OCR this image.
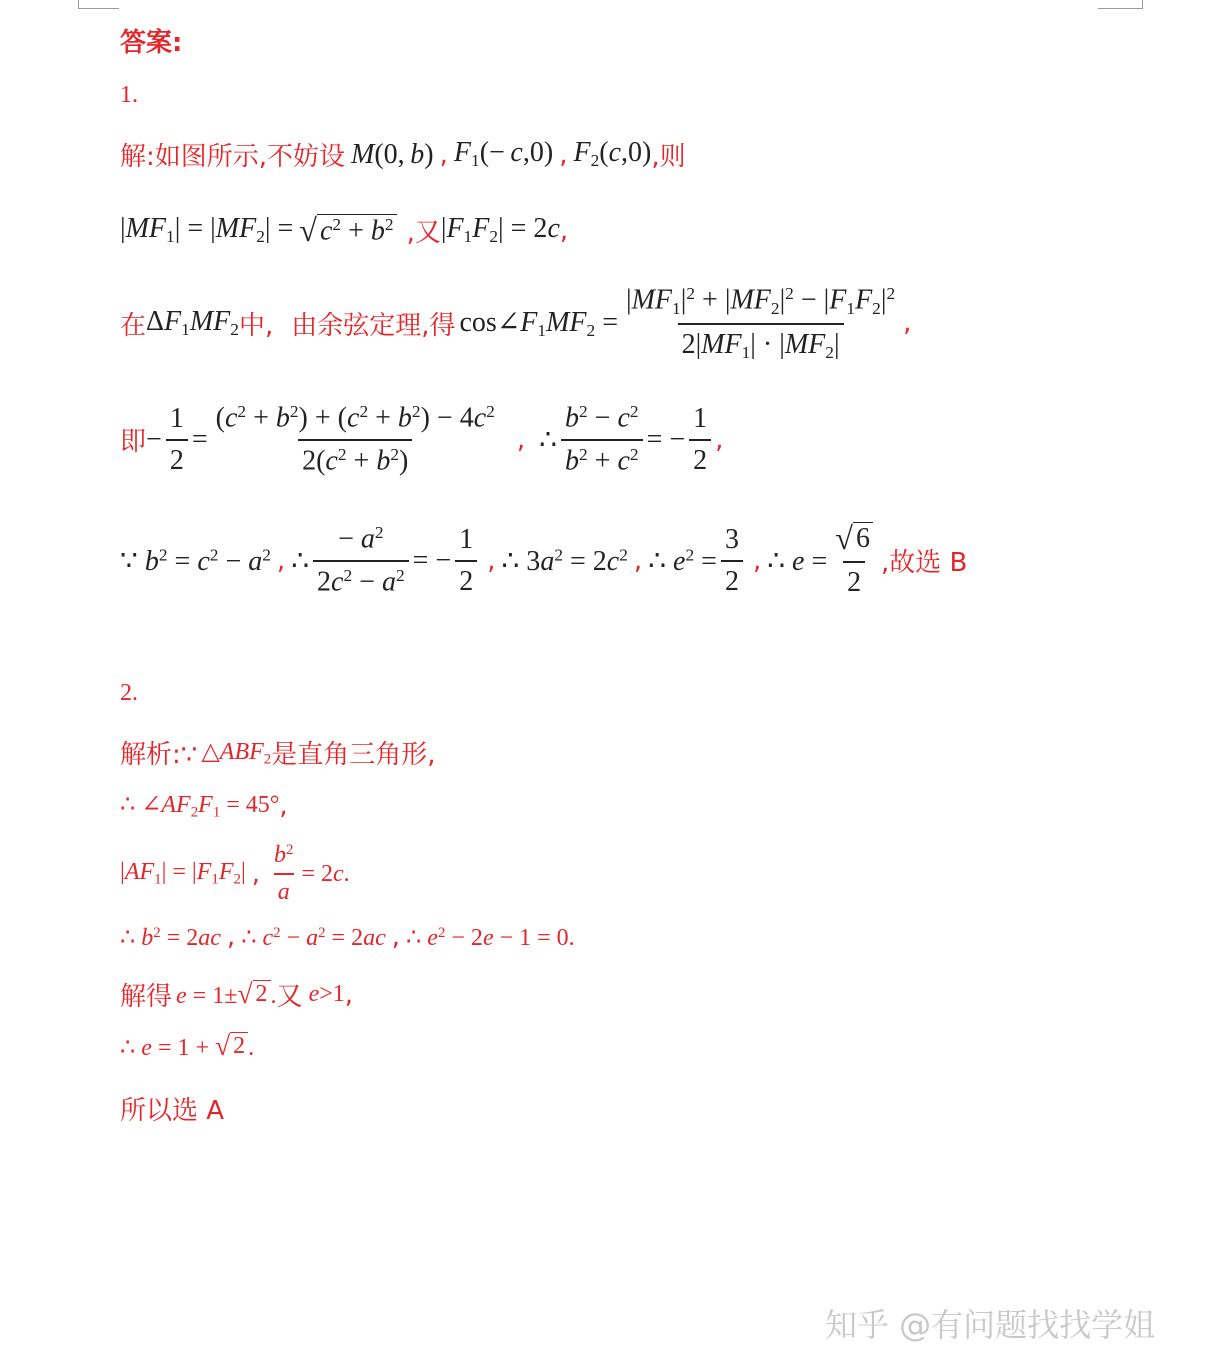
答案:
1.
解:如图所示,不妨设 M(0, b) , $F_1(- c,0)$ , $F_2(c,0)$ ,则
$|MF_1| = |MF_2|$ = √ $c^2 + b^2$ ,又 $|F_1F_2| = 2c$ ,
在 $\Delta F_1MF_2$ 中, 由余弦定理,得 $\cos\angle F_1MF_2 = \frac{|MF_1|^2 + |MF_2|^2 - |F_1F_2|^2}{2|MF_1| \cdot |MF_2|}$ ,
即 − $\frac{1}{2} = \frac{(c^2 + b^2) + (c^2 + b^2) - 4c^2}{2(c^2 + b^2)}$ , ∴ $\frac{b^2 - c^2}{b^2 + c^2}$ = − $\frac{1}{2}$ ,
∵ $b^2 = c^2 - a^2$ , ∴ $\frac{- a^2}{2c^2 - a^2}$ = − $\frac{1}{2}$ , ∴ $3a^2 = 2c^2$ , ∴ $e^2 = \frac{3}{2}$ , ∴ $e = \frac{√ 6}{2}$ ,故选 B
2.
解析:∵ $\triangle ABF_2$ 是直角三角形,
∴ $\angle AF_2F_1 = 45^\circ$ ,
$|AF_1| = |F_1F_2|$ , $\frac{b^2}{a} = 2c$.
∴ $b^2 = 2ac$ , ∴ $c^2 - a^2 = 2ac$ , ∴ $e^2 - 2e - 1 = 0$.
解得 e = 1± √ 2 . 又 e>1 ,
∴ e = 1 + √ 2 .
所以选 A
知乎 @有问题找找学姐
